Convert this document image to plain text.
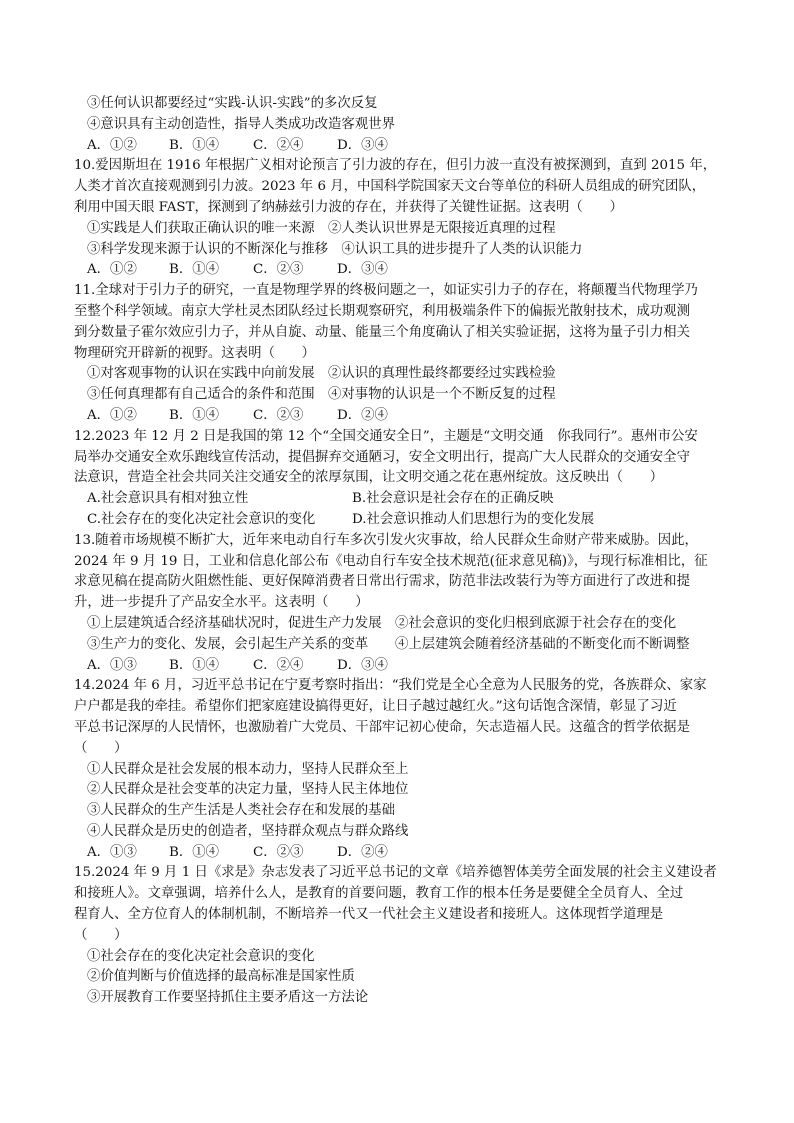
③任何认识都要经过“实践-认识-实践”的多次反复
④意识具有主动创造性，指导人类成功改造客观世界
A．①② B．①④	C．②④	D．③④
10.爱因斯坦在 1916 年根据广义相对论预言了引力波的存在，但引力波一直没有被探测到，直到 2015 年，
人类才首次直接观测到引力波。2023 年 6 月，中国科学院国家天文台等单位的科研人员组成的研究团队，
利用中国天眼 FAST，探测到了纳赫兹引力波的存在，并获得了关键性证据。这表明（　　）
①实践是人们获取正确认识的唯一来源　②人类认识世界是无限接近真理的过程
③科学发现来源于认识的不断深化与推移　④认识工具的进步提升了人类的认识能力
A．①② B．①④	C．②③	D．③④
11.全球对于引力子的研究，一直是物理学界的终极问题之一，如证实引力子的存在，将颠覆当代物理学乃
至整个科学领域。南京大学杜灵杰团队经过长期观察研究，利用极端条件下的偏振光散射技术，成功观测
到分数量子霍尔效应引力子，并从自旋、动量、能量三个角度确认了相关实验证据，这将为量子引力相关
物理研究开辟新的视野。这表明（　　）
①对客观事物的认识在实践中向前发展　②认识的真理性最终都要经过实践检验
③任何真理都有自己适合的条件和范围　④对事物的认识是一个不断反复的过程
A．①② B．①④	C．②③	D．②④
12.2023 年 12 月 2 日是我国的第 12 个“全国交通安全日”，主题是“文明交通　你我同行”。惠州市公安
局举办交通安全欢乐跑线宣传活动，提倡摒弃交通陋习，安全文明出行，提高广大人民群众的交通安全守
法意识，营造全社会共同关注交通安全的浓厚氛围，让文明交通之花在惠州绽放。这反映出（　　）
A.社会意识具有相对独立性	B.社会意识是社会存在的正确反映
C.社会存在的变化决定社会意识的变化	D.社会意识推动人们思想行为的变化发展
13.随着市场规模不断扩大，近年来电动自行车多次引发火灾事故，给人民群众生命财产带来威胁。因此，
2024 年 9 月 19 日，工业和信息化部公布《电动自行车安全技术规范(征求意见稿)》，与现行标准相比，征
求意见稿在提高防火阻燃性能、更好保障消费者日常出行需求，防范非法改装行为等方面进行了改进和提
升，进一步提升了产品安全水平。这表明（　　）
①上层建筑适合经济基础状况时，促进生产力发展　②社会意识的变化归根到底源于社会存在的变化
③生产力的变化、发展，会引起生产关系的变革　　④上层建筑会随着经济基础的不断变化而不断调整
A．①③ B．①④	C．②④	D．③④
14.2024 年 6 月，习近平总书记在宁夏考察时指出：“我们党是全心全意为人民服务的党，各族群众、家家
户户都是我的牵挂。希望你们把家庭建设搞得更好，让日子越过越红火。”这句话饱含深情，彰显了习近
平总书记深厚的人民情怀，也激励着广大党员、干部牢记初心使命，矢志造福人民。这蕴含的哲学依据是
（　　）
①人民群众是社会发展的根本动力，坚持人民群众至上
②人民群众是社会变革的决定力量，坚持人民主体地位
③人民群众的生产生活是人类社会存在和发展的基础
④人民群众是历史的创造者，坚持群众观点与群众路线
A．①③ B．①④	C．②③	D．②④
15.2024 年 9 月 1 日《求是》杂志发表了习近平总书记的文章《培养德智体美劳全面发展的社会主义建设者
和接班人》。文章强调，培养什么人，是教育的首要问题，教育工作的根本任务是要健全全员育人、全过
程育人、全方位育人的体制机制，不断培养一代又一代社会主义建设者和接班人。这体现哲学道理是
（　　）
①社会存在的变化决定社会意识的变化
②价值判断与价值选择的最高标准是国家性质
③开展教育工作要坚持抓住主要矛盾这一方法论
